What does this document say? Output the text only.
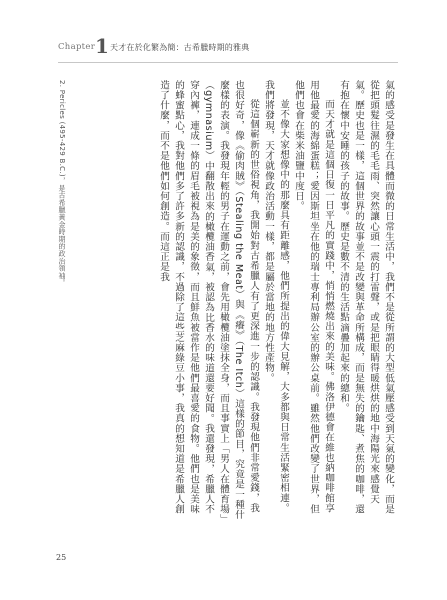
Chapter 1 天才在於化繁為簡：古希臘時期的雅典
2. Pericles (495-429 B.C.)，是古希臘黃金時期的政治領袖。	氣的感受是發生在具體而微的日常生活中，我們不是從所謂的大型低氣壓感受到天氣的變化，而是從把頭髮往濕的毛毛雨、突然讓心頭一震的打雷聲，或是把眼睛得暖烘烘的地中海陽光來感覺天氣。歷史也是一樣，這個世界的故事並不是改變與革命所構成，而是無失的鑰匙、煮焦的咖啡，還有抱在懷中安睡的孩子的故事。歷史是數不清的生活點滴疊加起來的總和。

而天才就是這個日復一日平凡的實踐中，悄悄燃燒出來的美味。佛洛伊德會在維也納咖啡館享用他最愛的海綿蛋糕；愛因斯坦坐在他的瑞士專利局辦公室的辦公桌前。雖然他們改變了世界，但他們也會在柴米油鹽中度日。

並不像大家想像中的那麼具有距離感，他們所提出的偉大見解，大多都與日常生活緊密相連。我們將發現，天才就像政治活動一樣，都是屬於當地的地方性產物。

從這個嶄新的世俗視角，我開始對古希臘人有了更深進一步的認識。我發現他們非常愛錢，我也很好奇，像《偷肉賊》（Stealing the Meat）與《癢》（The Itch）這樣的節目，究竟是一種什麼樣的表演。我發現年輕的男子在運動之前，會先用橄欖油塗抹全身，而且事實上「男人在體育場」（gymnasium）中翻散出來的橄欖油香氣，被認為比香水的味道還要好聞。我還發現，希臘人不穿內褲，連成一條的眉毛被視為是美的象徵，而且鮮魚被當作是他們最喜愛的食物。他們也是美味的蜂蜜點心，我對他們多了許多新的認識，不過除了這些芝麻綠豆小事，我真的想知道是希臘人創造了什麼，而不是他們如何創造。而這正是我

25
